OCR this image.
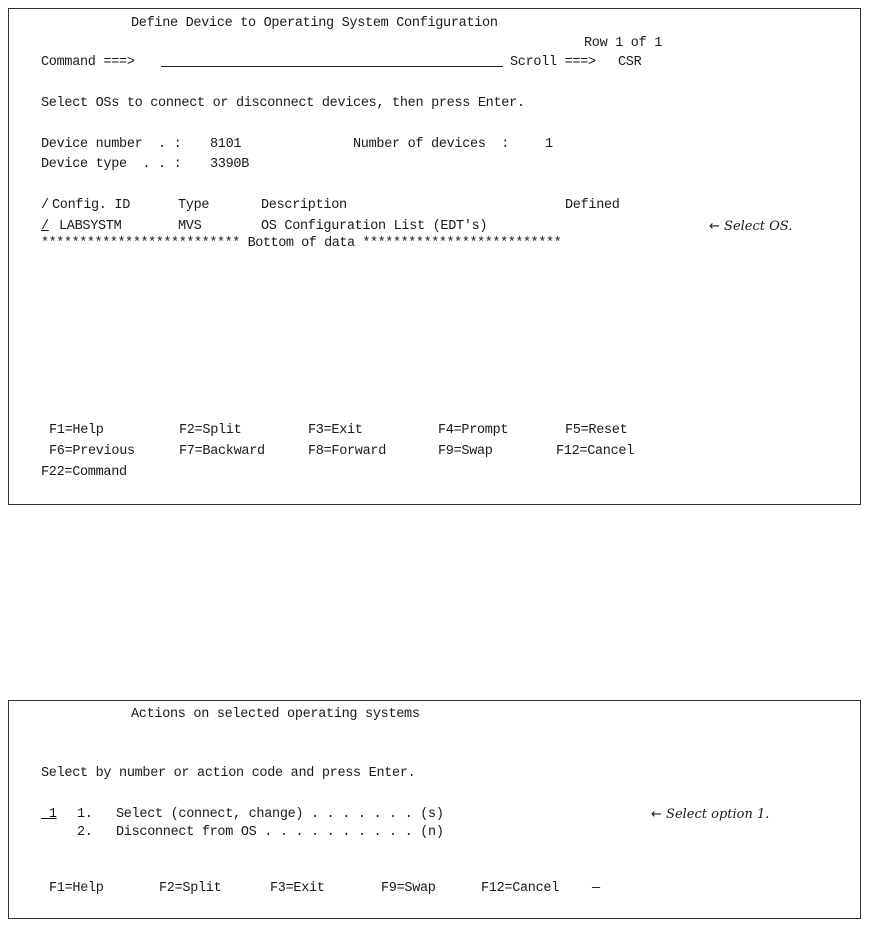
Define Device to Operating System Configuration
Row 1 of 1
Command ===>	Scroll ===> CSR
Select OSs to connect or disconnect devices, then press Enter.
Device number  . : 8101	Number of devices  :	1
Device type  . . : 3390B
/ Config. ID	Type	Description	Defined
/ LABSYSTM	MVS	OS Configuration List (EDT's)
************************** Bottom of data **************************
← Select OS.
F1=Help	F2=Split	F3=Exit	F4=Prompt	F5=Reset
F6=Previous	F7=Backward	F8=Forward	F9=Swap	F12=Cancel
F22=Command
Actions on selected operating systems
Select by number or action code and press Enter.
1 1. Select (connect, change) . . . . . . . (s)
2. Disconnect from OS . . . . . . . . . . (n)
← Select option 1.
F1=Help	F2=Split	F3=Exit	F9=Swap	F12=Cancel —
